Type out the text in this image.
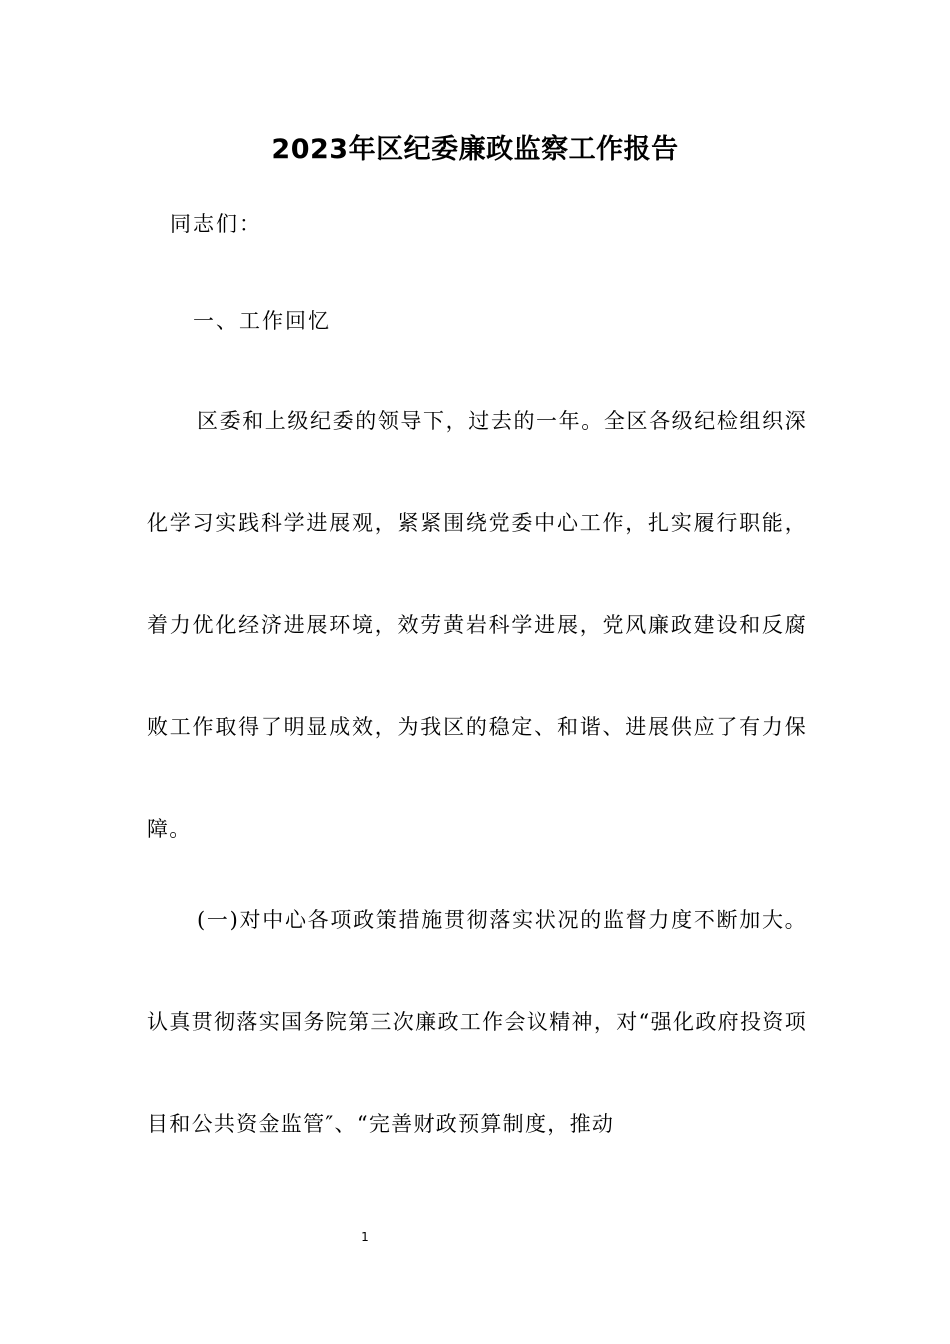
2023年区纪委廉政监察工作报告
同志们：
一、工作回忆

区委和上级纪委的领导下，过去的一年。全区各级纪检组织深化学习实践科学进展观，紧紧围绕党委中心工作，扎实履行职能，着力优化经济进展环境，效劳黄岩科学进展，党风廉政建设和反腐败工作取得了明显成效，为我区的稳定、和谐、进展供应了有力保障。

(一)对中心各项政策措施贯彻落实状况的监督力度不断加大。认真贯彻落实国务院第三次廉政工作会议精神，对“强化政府投资项目和公共资金监管″、“完善财政预算制度，推动

1
